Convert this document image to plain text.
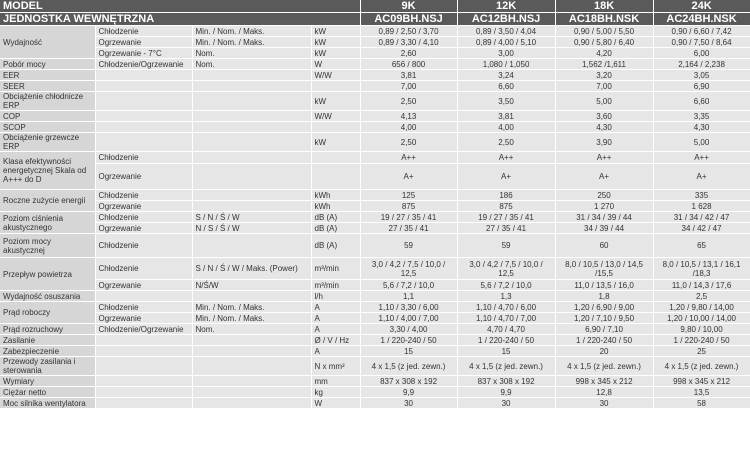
MODEL				9K	12K	18K	24K
JEDNOSTKA WEWNĘTRZNA				AC09BH.NSJ	AC12BH.NSJ	AC18BH.NSK	AC24BH.NSK
Wydajność	Chłodzenie	Min. / Nom. / Maks.	kW	0,89 / 2,50 / 3,70	0,89 / 3,50 / 4,04	0,90 / 5,00 / 5,50	0,90 / 6,60 / 7,42
	Ogrzewanie	Min. / Nom. / Maks.	kW	0,89 / 3,30 / 4,10	0,89 / 4,00 / 5,10	0,90 / 5,80 / 6,40	0,90 / 7,50 / 8,64
	Ogrzewanie - 7°C	Nom.	kW	2,60	3,00	4,20	6,00
Pobór mocy	Chłodzenie/Ogrzewanie	Nom.	W	656 / 800	1,080 / 1,050	1,562 /1,611	2,164 / 2,238
EER			W/W	3,81	3,24	3,20	3,05
SEER				7,00	6,60	7,00	6,90
Obciążenie chłodnicze ERP			kW	2,50	3,50	5,00	6,60
COP			W/W	4,13	3,81	3,60	3,35
SCOP				4,00	4,00	4,30	4,30
Obciążenie grzewcze ERP			kW	2,50	2,50	3,90	5,00
Klasa efektywności energetycznej Skala od A+++ do D	Chłodzenie			A++	A++	A++	A++
	Ogrzewanie			A+	A+	A+	A+
Roczne zużycie energii	Chłodzenie		kWh	125	186	250	335
	Ogrzewanie		kWh	875	875	1 270	1 628
Poziom ciśnienia akustycznego	Chłodzenie	S / N / Ś / W	dB (A)	19 / 27 / 35 / 41	19 / 27 / 35 / 41	31 / 34 / 39 / 44	31 / 34 / 42 / 47
	Ogrzewanie	N / S / Ś / W	dB (A)	27 / 35 / 41	27 / 35 / 41	34 / 39 / 44	34 / 42 / 47
Poziom mocy akustycznej	Chłodzenie		dB (A)	59	59	60	65
Przepływ powietrza	Chłodzenie	S / N / Ś / W / Maks. (Power)	m³/min	3,0 / 4,2 / 7,5 / 10,0 / 12,5	3,0 / 4,2 / 7,5 / 10,0 / 12,5	8,0 / 10,5 / 13,0 / 14,5 /15,5	8,0 / 10,5 / 13,1 / 16,1 /18,3
	Ogrzewanie	N/Ś/W	m³/min	5,6 / 7,2 / 10,0	5,6 / 7,2 / 10,0	11,0 / 13,5 / 16,0	11,0 / 14,3 / 17,6
Wydajność osuszania			l/h	1,1	1,3	1,8	2,5
Prąd roboczy	Chłodzenie	Min. / Nom. / Maks.	A	1,10 / 3,30 / 6,00	1,10 / 4,70 / 6,00	1,20 / 6,90 / 9,00	1,20 / 9,80 / 14,00
	Ogrzewanie	Min. / Nom. / Maks.	A	1,10 / 4,00 / 7,00	1,10 / 4,70 / 7,00	1,20 / 7,10 / 9,50	1,20 / 10,00 / 14,00
Prąd rozruchowy	Chłodzenie/Ogrzewanie	Nom.	A	3,30 / 4,00	4,70 / 4,70	6,90 / 7,10	9,80 / 10,00
Zasilanie			Ø / V / Hz	1 / 220-240 / 50	1 / 220-240 / 50	1 / 220-240 / 50	1 / 220-240 / 50
Zabezpieczenie			A	15	15	20	25
Przewody zasilania i sterowania			N x mm²	4 x 1,5 (z jed. zewn.)	4 x 1,5 (z jed. zewn.)	4 x 1,5 (z jed. zewn.)	4 x 1,5 (z jed. zewn.)
Wymiary			mm	837 x 308 x 192	837 x 308 x 192	998 x 345 x 212	998 x 345 x 212
Ciężar netto			kg	9,9	9,9	12,8	13,5
Moc silnika wentylatora			W	30	30	30	58
